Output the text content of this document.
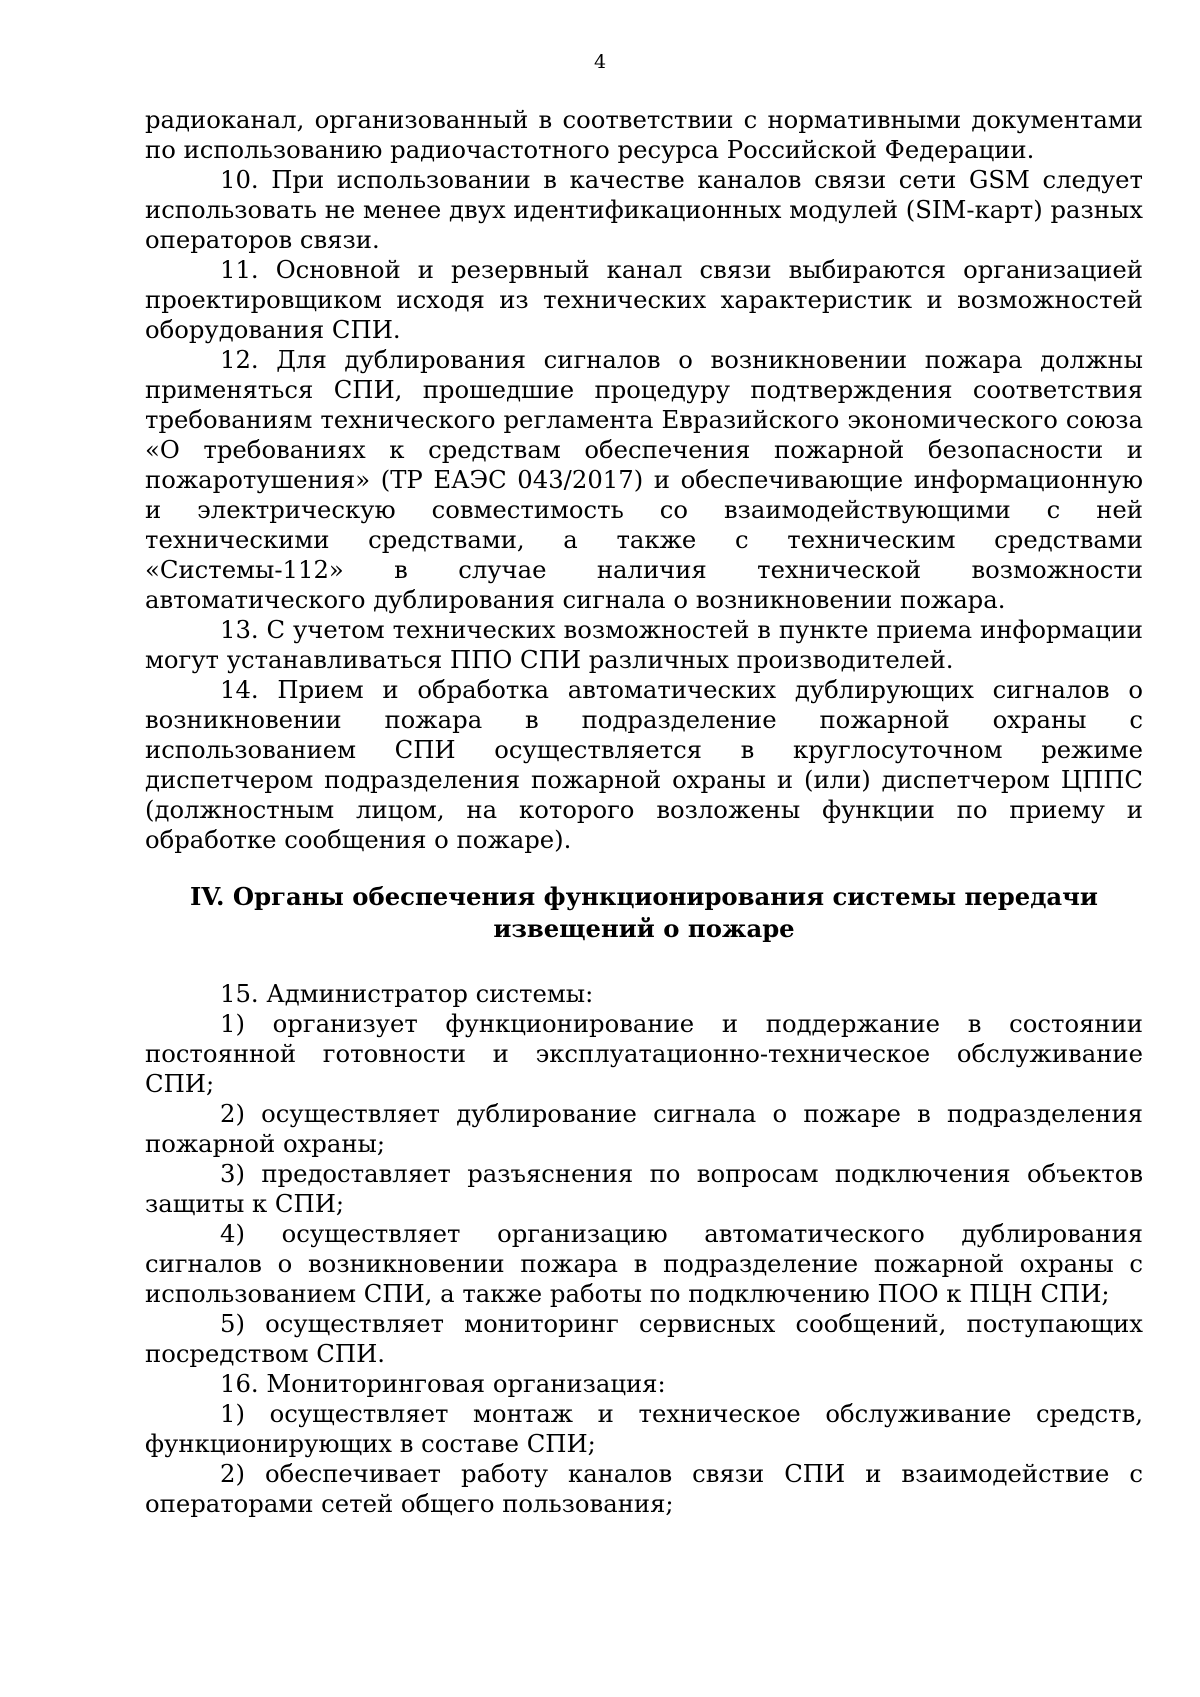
4

радиоканал, организованный в соответствии с нормативными документами по использованию радиочастотного ресурса Российской Федерации.

10. При использовании в качестве каналов связи сети GSM следует использовать не менее двух идентификационных модулей (SIM-карт) разных операторов связи.

11. Основной и резервный канал связи выбираются организацией проектировщиком исходя из технических характеристик и возможностей оборудования СПИ.

12. Для дублирования сигналов о возникновении пожара должны применяться СПИ, прошедшие процедуру подтверждения соответствия требованиям технического регламента Евразийского экономического союза «О требованиях к средствам обеспечения пожарной безопасности и пожаротушения» (ТР ЕАЭС 043/2017) и обеспечивающие информационную и электрическую совместимость со взаимодействующими с ней техническими средствами, а также с техническим средствами «Системы-112» в случае наличия технической возможности автоматического дублирования сигнала о возникновении пожара.

13. С учетом технических возможностей в пункте приема информации могут устанавливаться ППО СПИ различных производителей.

14. Прием и обработка автоматических дублирующих сигналов о возникновении пожара в подразделение пожарной охраны с использованием СПИ осуществляется в круглосуточном режиме диспетчером подразделения пожарной охраны и (или) диспетчером ЦППС (должностным лицом, на которого возложены функции по приему и обработке сообщения о пожаре).

IV. Органы обеспечения функционирования системы передачи извещений о пожаре

15. Администратор системы:

1) организует функционирование и поддержание в состоянии постоянной готовности и эксплуатационно-техническое обслуживание СПИ;

2) осуществляет дублирование сигнала о пожаре в подразделения пожарной охраны;

3) предоставляет разъяснения по вопросам подключения объектов защиты к СПИ;

4) осуществляет организацию автоматического дублирования сигналов о возникновении пожара в подразделение пожарной охраны с использованием СПИ, а также работы по подключению ПОО к ПЦН СПИ;

5) осуществляет мониторинг сервисных сообщений, поступающих посредством СПИ.

16. Мониторинговая организация:

1) осуществляет монтаж и техническое обслуживание средств, функционирующих в составе СПИ;

2) обеспечивает работу каналов связи СПИ и взаимодействие с операторами сетей общего пользования;
